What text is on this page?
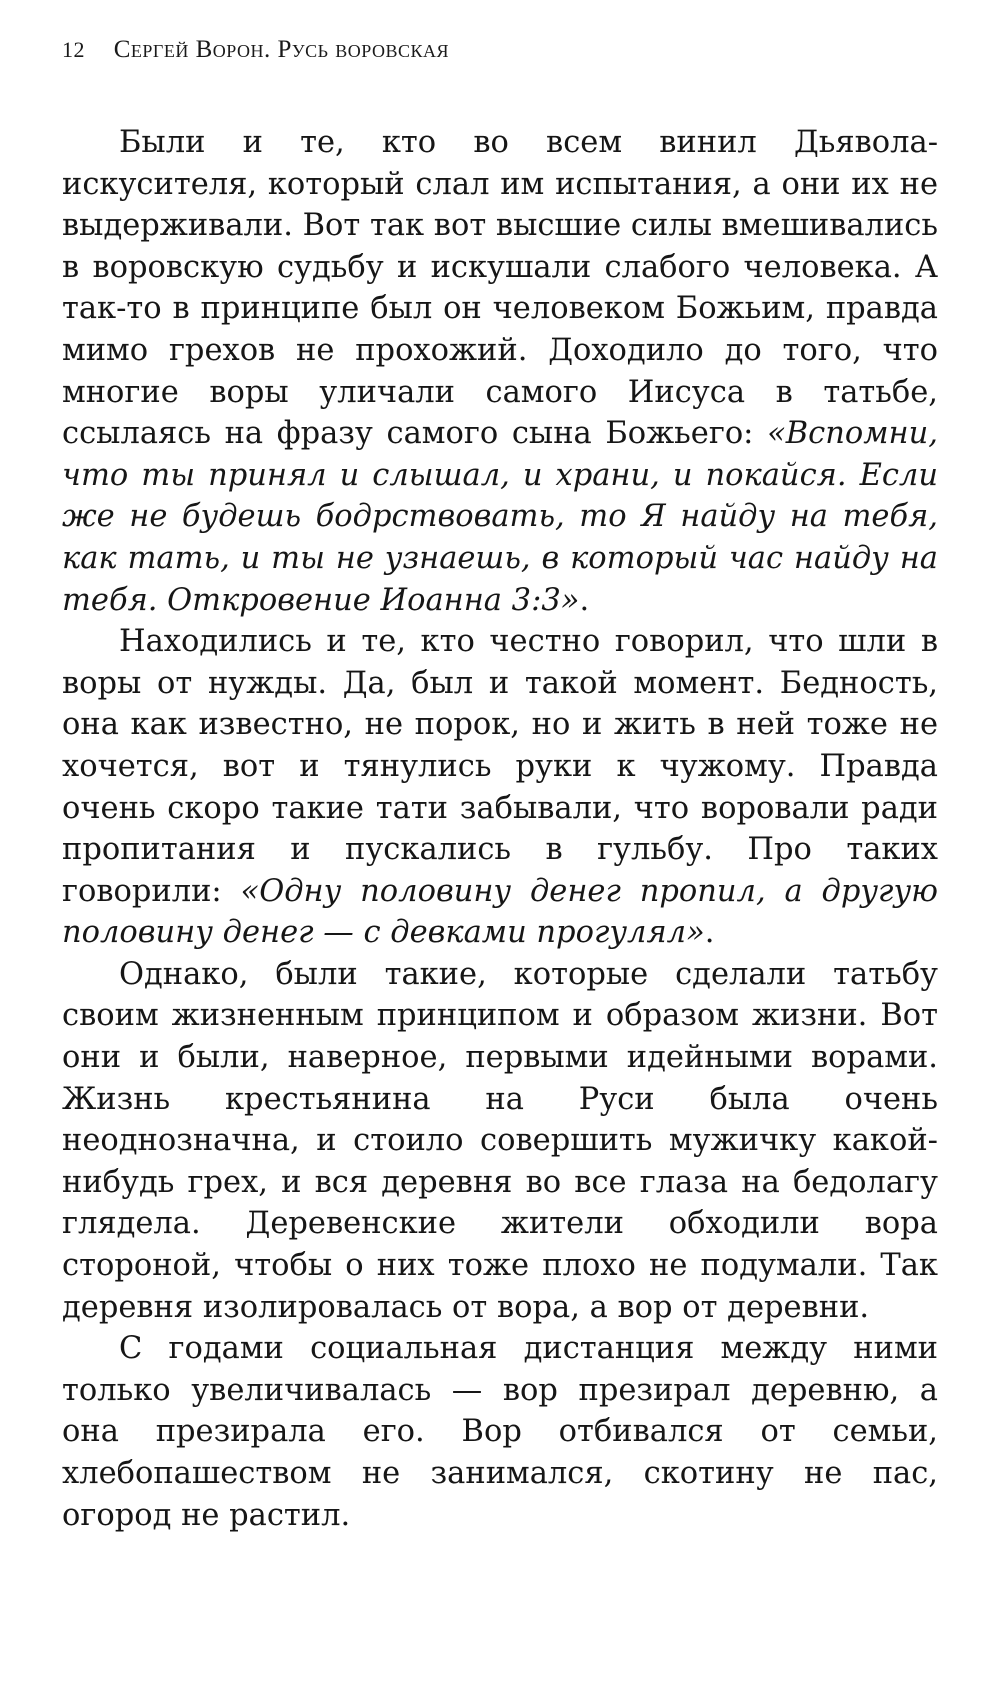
12 Сергей Ворон. Русь воровская

Были и те, кто во всем винил Дьявола-искусителя, который слал им испытания, а они их не выдерживали. Вот так вот высшие силы вмешивались в воровскую судьбу и искушали слабого человека. А так-то в принципе был он человеком Божьим, правда мимо грехов не прохожий. Доходило до того, что многие воры уличали самого Иисуса в татьбе, ссылаясь на фразу самого сына Божьего: «Вспомни, что ты принял и слышал, и храни, и покайся. Если же не будешь бодрствовать, то Я найду на тебя, как тать, и ты не узнаешь, в который час найду на тебя. Откровение Иоанна 3:3».

Находились и те, кто честно говорил, что шли в воры от нужды. Да, был и такой момент. Бедность, она как известно, не порок, но и жить в ней тоже не хочется, вот и тянулись руки к чужому. Правда очень скоро такие тати забывали, что воровали ради пропитания и пускались в гульбу. Про таких говорили: «Одну половину денег пропил, а другую половину денег — с девками прогулял».

Однако, были такие, которые сделали татьбу своим жизненным принципом и образом жизни. Вот они и были, наверное, первыми идейными ворами. Жизнь крестьянина на Руси была очень неоднозначна, и стоило совершить мужичку какой-нибудь грех, и вся деревня во все глаза на бедолагу глядела. Деревенские жители обходили вора стороной, чтобы о них тоже плохо не подумали. Так деревня изолировалась от вора, а вор от деревни.

С годами социальная дистанция между ними только увеличивалась — вор презирал деревню, а она презирала его. Вор отбивался от семьи, хлебопашеством не занимался, скотину не пас, огород не растил.
